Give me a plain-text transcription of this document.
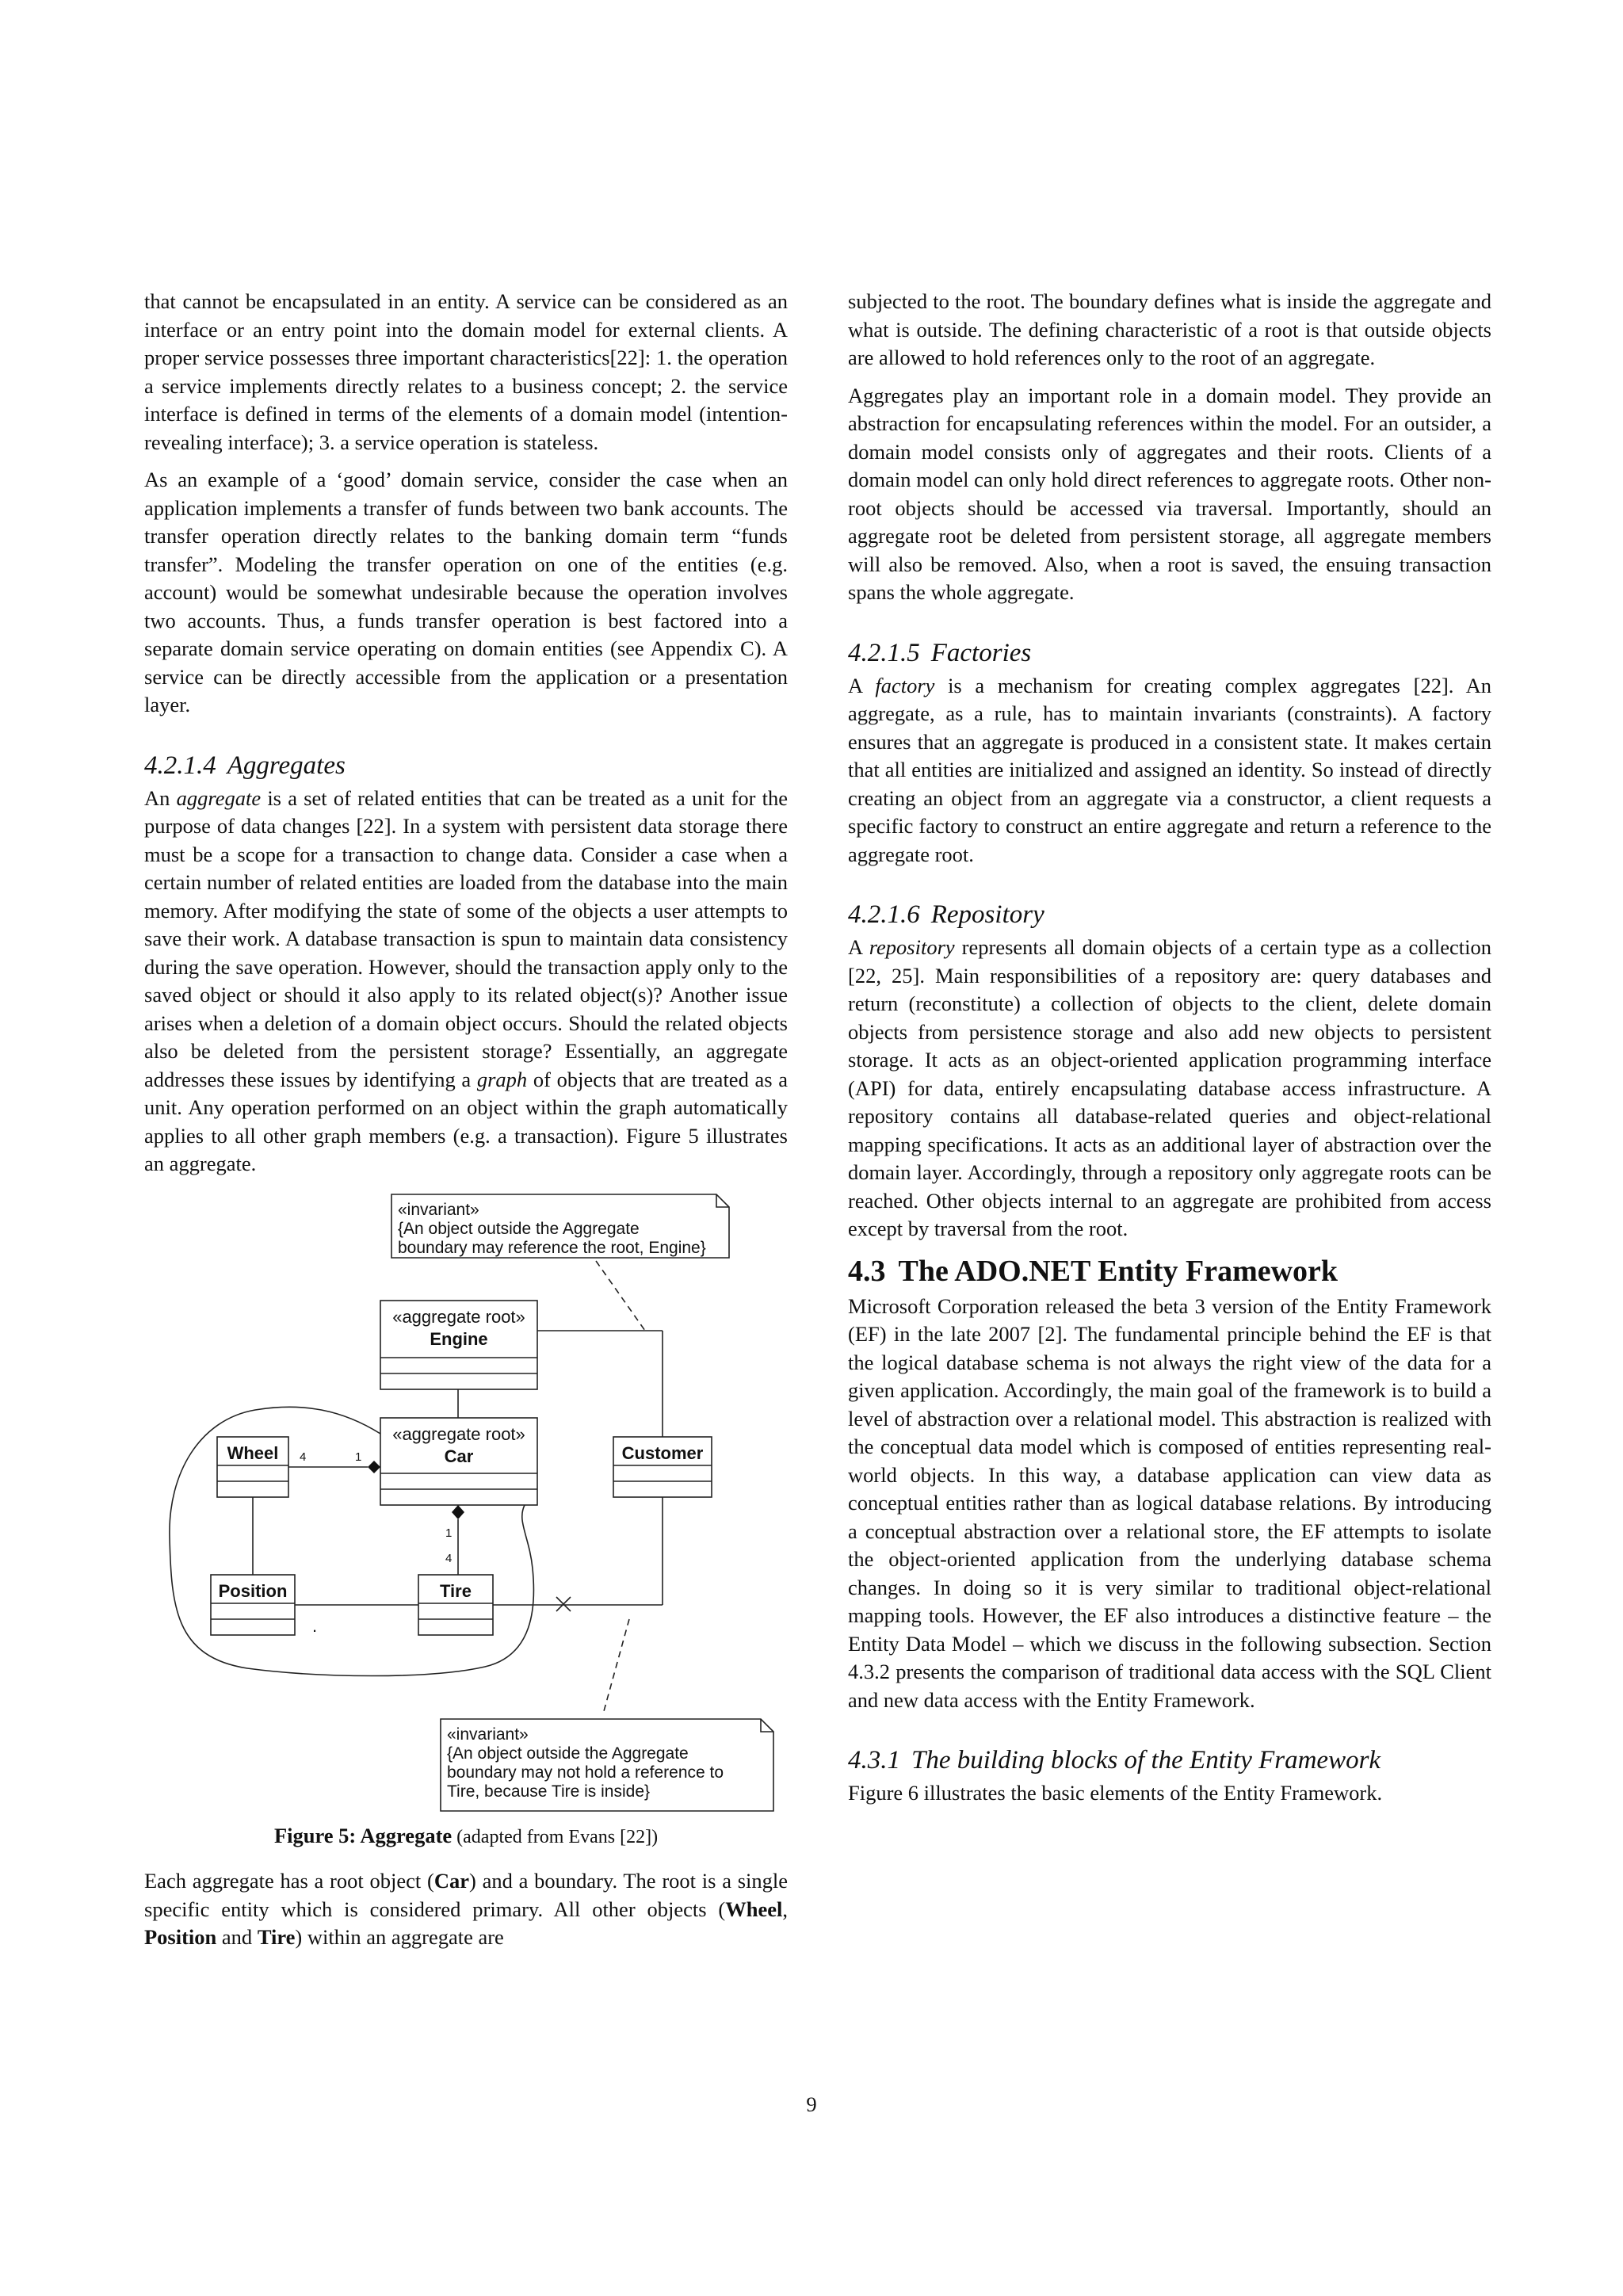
that cannot be encapsulated in an entity. A service can be considered as an interface or an entry point into the domain model for external clients. A proper service possesses three important characteristics[22]: 1. the operation a service implements directly relates to a business concept; 2. the service interface is defined in terms of the elements of a domain model (intention-revealing interface); 3. a service operation is stateless.

As an example of a ‘good’ domain service, consider the case when an application implements a transfer of funds between two bank accounts. The transfer operation directly relates to the banking domain term “funds transfer”. Modeling the transfer operation on one of the entities (e.g. account) would be somewhat undesirable because the operation involves two accounts. Thus, a funds transfer operation is best factored into a separate domain service operating on domain entities (see Appendix C). A service can be directly accessible from the application or a presentation layer.

4.2.1.4 Aggregates

An aggregate is a set of related entities that can be treated as a unit for the purpose of data changes [22]. In a system with persistent data storage there must be a scope for a transaction to change data. Consider a case when a certain number of related entities are loaded from the database into the main memory. After modifying the state of some of the objects a user attempts to save their work. A database transaction is spun to maintain data consistency during the save operation. However, should the transaction apply only to the saved object or should it also apply to its related object(s)? Another issue arises when a deletion of a domain object occurs. Should the related objects also be deleted from the persistent storage? Essentially, an aggregate addresses these issues by identifying a graph of objects that are treated as a unit. Any operation performed on an object within the graph automatically applies to all other graph members (e.g. a transaction). Figure 5 illustrates an aggregate.

«invariant»
{An object outside the Aggregate
boundary may reference the root, Engine}
«aggregate root»
Engine
«aggregate root»
Car
Wheel	Customer
Position	Tire
4	1
1
4
.
«invariant»
{An object outside the Aggregate
boundary may not hold a reference to
Tire, because Tire is inside}
Figure 5: Aggregate (adapted from Evans [22])

Each aggregate has a root object (Car) and a boundary. The root is a single specific entity which is considered primary. All other objects (Wheel, Position and Tire) within an aggregate are

subjected to the root. The boundary defines what is inside the aggregate and what is outside. The defining characteristic of a root is that outside objects are allowed to hold references only to the root of an aggregate.

Aggregates play an important role in a domain model. They provide an abstraction for encapsulating references within the model. For an outsider, a domain model consists only of aggregates and their roots. Clients of a domain model can only hold direct references to aggregate roots. Other non-root objects should be accessed via traversal. Importantly, should an aggregate root be deleted from persistent storage, all aggregate members will also be removed. Also, when a root is saved, the ensuing transaction spans the whole aggregate.

4.2.1.5 Factories

A factory is a mechanism for creating complex aggregates [22]. An aggregate, as a rule, has to maintain invariants (constraints). A factory ensures that an aggregate is produced in a consistent state. It makes certain that all entities are initialized and assigned an identity. So instead of directly creating an object from an aggregate via a constructor, a client requests a specific factory to construct an entire aggregate and return a reference to the aggregate root.

4.2.1.6 Repository

A repository represents all domain objects of a certain type as a collection [22, 25]. Main responsibilities of a repository are: query databases and return (reconstitute) a collection of objects to the client, delete domain objects from persistence storage and also add new objects to persistent storage. It acts as an object-oriented application programming interface (API) for data, entirely encapsulating database access infrastructure. A repository contains all database-related queries and object-relational mapping specifications. It acts as an additional layer of abstraction over the domain layer. Accordingly, through a repository only aggregate roots can be reached. Other objects internal to an aggregate are prohibited from access except by traversal from the root.

4.3 The ADO.NET Entity Framework

Microsoft Corporation released the beta 3 version of the Entity Framework (EF) in the late 2007 [2]. The fundamental principle behind the EF is that the logical database schema is not always the right view of the data for a given application. Accordingly, the main goal of the framework is to build a level of abstraction over a relational model. This abstraction is realized with the conceptual data model which is composed of entities representing real-world objects. In this way, a database application can view data as conceptual entities rather than as logical database relations. By introducing a conceptual abstraction over a relational store, the EF attempts to isolate the object-oriented application from the underlying database schema changes. In doing so it is very similar to traditional object-relational mapping tools. However, the EF also introduces a distinctive feature – the Entity Data Model – which we discuss in the following subsection. Section 4.3.2 presents the comparison of traditional data access with the SQL Client and new data access with the Entity Framework.

4.3.1 The building blocks of the Entity Framework

Figure 6 illustrates the basic elements of the Entity Framework.

9
